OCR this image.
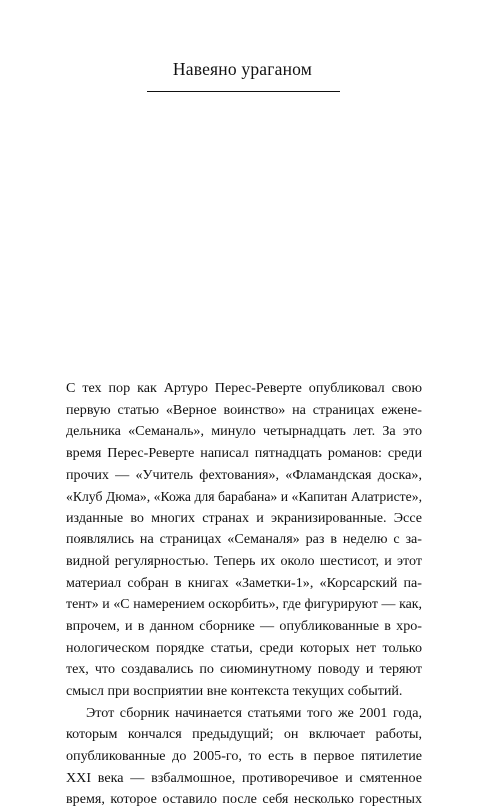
Навеяно ураганом
С тех пор как Артуро Перес-Реверте опубликовал свою
первую статью «Верное воинство» на страницах еженe-
дельника «Семаналь», минуло четырнадцать лет. За это
время Перес-Реверте написал пятнадцать романов: среди
прочих — «Учитель фехтования», «Фламандская доска»,
«Клуб Дюма», «Кожа для барабана» и «Капитан Алатристе»,
изданные во многих странах и экранизированные. Эссе
появлялись на страницах «Семаналя» раз в неделю с за-
видной регулярностью. Теперь их около шестисот, и этот
материал собран в книгах «Заметки-1», «Корсарский па-
тент» и «С намерением оскорбить», где фигурируют — как,
впрочем, и в данном сборнике — опубликованные в хро-
нологическом порядке статьи, среди которых нет только
тех, что создавались по сиюминутному поводу и теряют
смысл при восприятии вне контекста текущих событий.
Этот сборник начинается статьями того же 2001 года,
которым кончался предыдущий; он включает работы,
опубликованные до 2005-го, то есть в первое пятилетие
XXI века — взбалмошное, противоречивое и смятенное
время, которое оставило после себя несколько горестных
